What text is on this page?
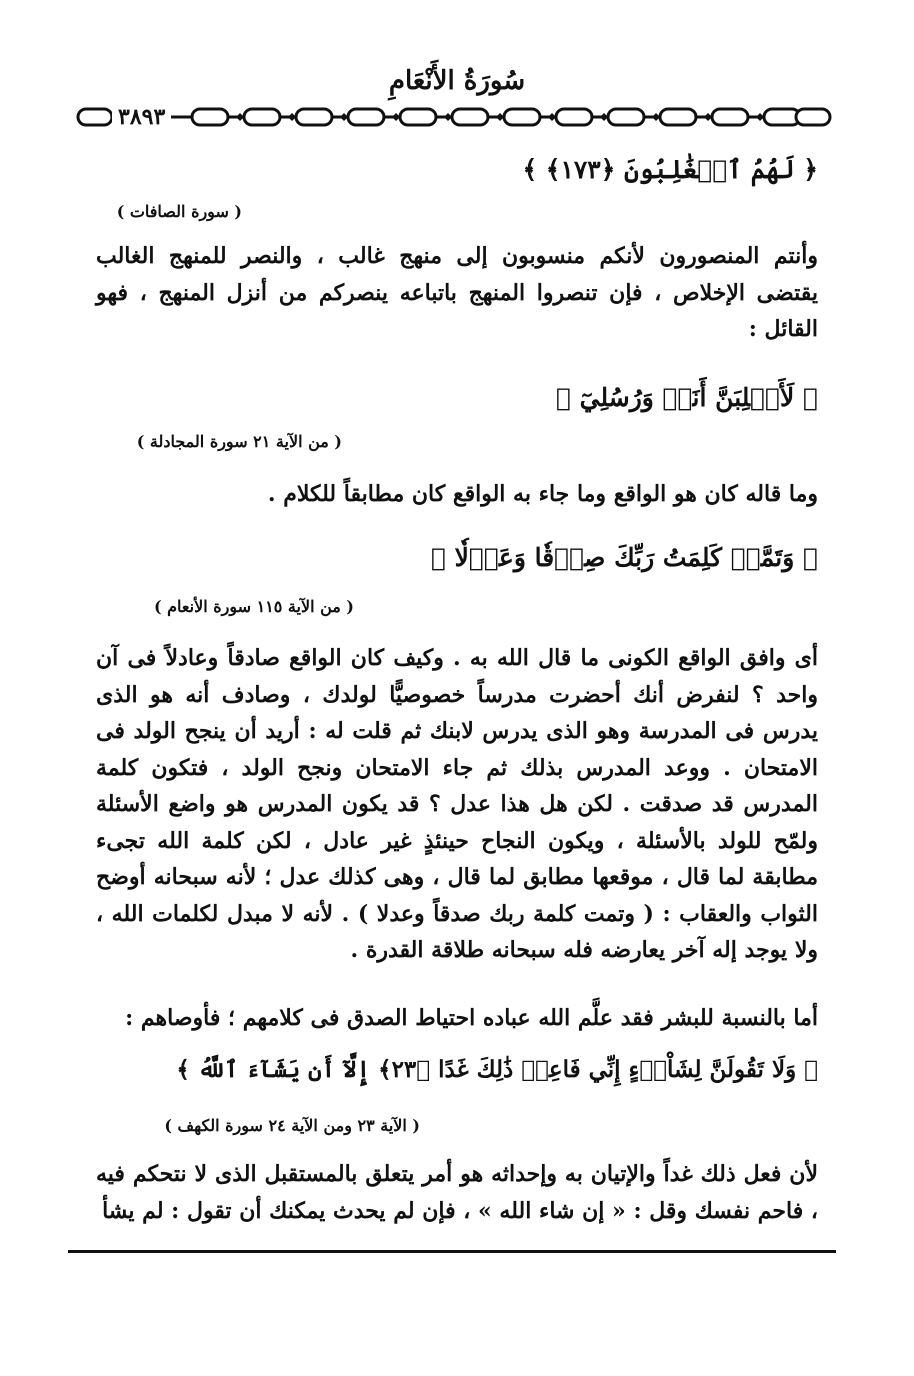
سُورَةُ الأَنْعَامِ
٣٨٩٣
﴿ لَهُمُ ٱلۡغَٰلِبُونَ ﴿١٧٣﴾ ﴾
( سورة الصافات )
وأنتم المنصورون لأنكم منسوبون إلى منهج غالب ، والنصر للمنهج الغالب يقتضى الإخلاص ، فإن تنصروا المنهج باتباعه ينصركم من أنزل المنهج ، فهو القائل :
﴿ لَأَغۡلِبَنَّ أَنَا۠ وَرُسُلِيٓ ﴾
( من الآية ٢١ سورة المجادلة )
وما قاله كان هو الواقع وما جاء به الواقع كان مطابقاً للكلام .
﴿ وَتَمَّتۡ كَلِمَتُ رَبِّكَ صِدۡقٗا وَعَدۡلٗا ﴾
( من الآية ١١٥ سورة الأنعام )
أى وافق الواقع الكونى ما قال الله به . وكيف كان الواقع صادقاً وعادلاً فى آن واحد ؟ لنفرض أنك أحضرت مدرساً خصوصيًّا لولدك ، وصادف أنه هو الذى يدرس فى المدرسة وهو الذى يدرس لابنك ثم قلت له : أريد أن ينجح الولد فى الامتحان . ووعد المدرس بذلك ثم جاء الامتحان ونجح الولد ، فتكون كلمة المدرس قد صدقت . لكن هل هذا عدل ؟ قد يكون المدرس هو واضع الأسئلة ولمّح للولد بالأسئلة ، ويكون النجاح حينئذٍ غير عادل ، لكن كلمة الله تجىء مطابقة لما قال ، موقعها مطابق لما قال ، وهى كذلك عدل ؛ لأنه سبحانه أوضح الثواب والعقاب : ( وتمت كلمة ربك صدقاً وعدلا ) . لأنه لا مبدل لكلمات الله ، ولا يوجد إله آخر يعارضه فله سبحانه طلاقة القدرة .
أما بالنسبة للبشر فقد علَّم الله عباده احتياط الصدق فى كلامهم ؛ فأوصاهم :
﴿ وَلَا تَقُولَنَّ لِشَاْيۡءٍ إِنِّي فَاعِلٞ ذَٰلِكَ غَدًا ﴿٢٣﴾ إِلَّآ أَن يَشَآءَ ٱللَّهُ ﴾
( الآية ٢٣ ومن الآية ٢٤ سورة الكهف )
لأن فعل ذلك غداً والإتيان به وإحداثه هو أمر يتعلق بالمستقبل الذى لا نتحكم فيه ، فاحم نفسك وقل : « إن شاء الله » ، فإن لم يحدث يمكنك أن تقول : لم يشأ
